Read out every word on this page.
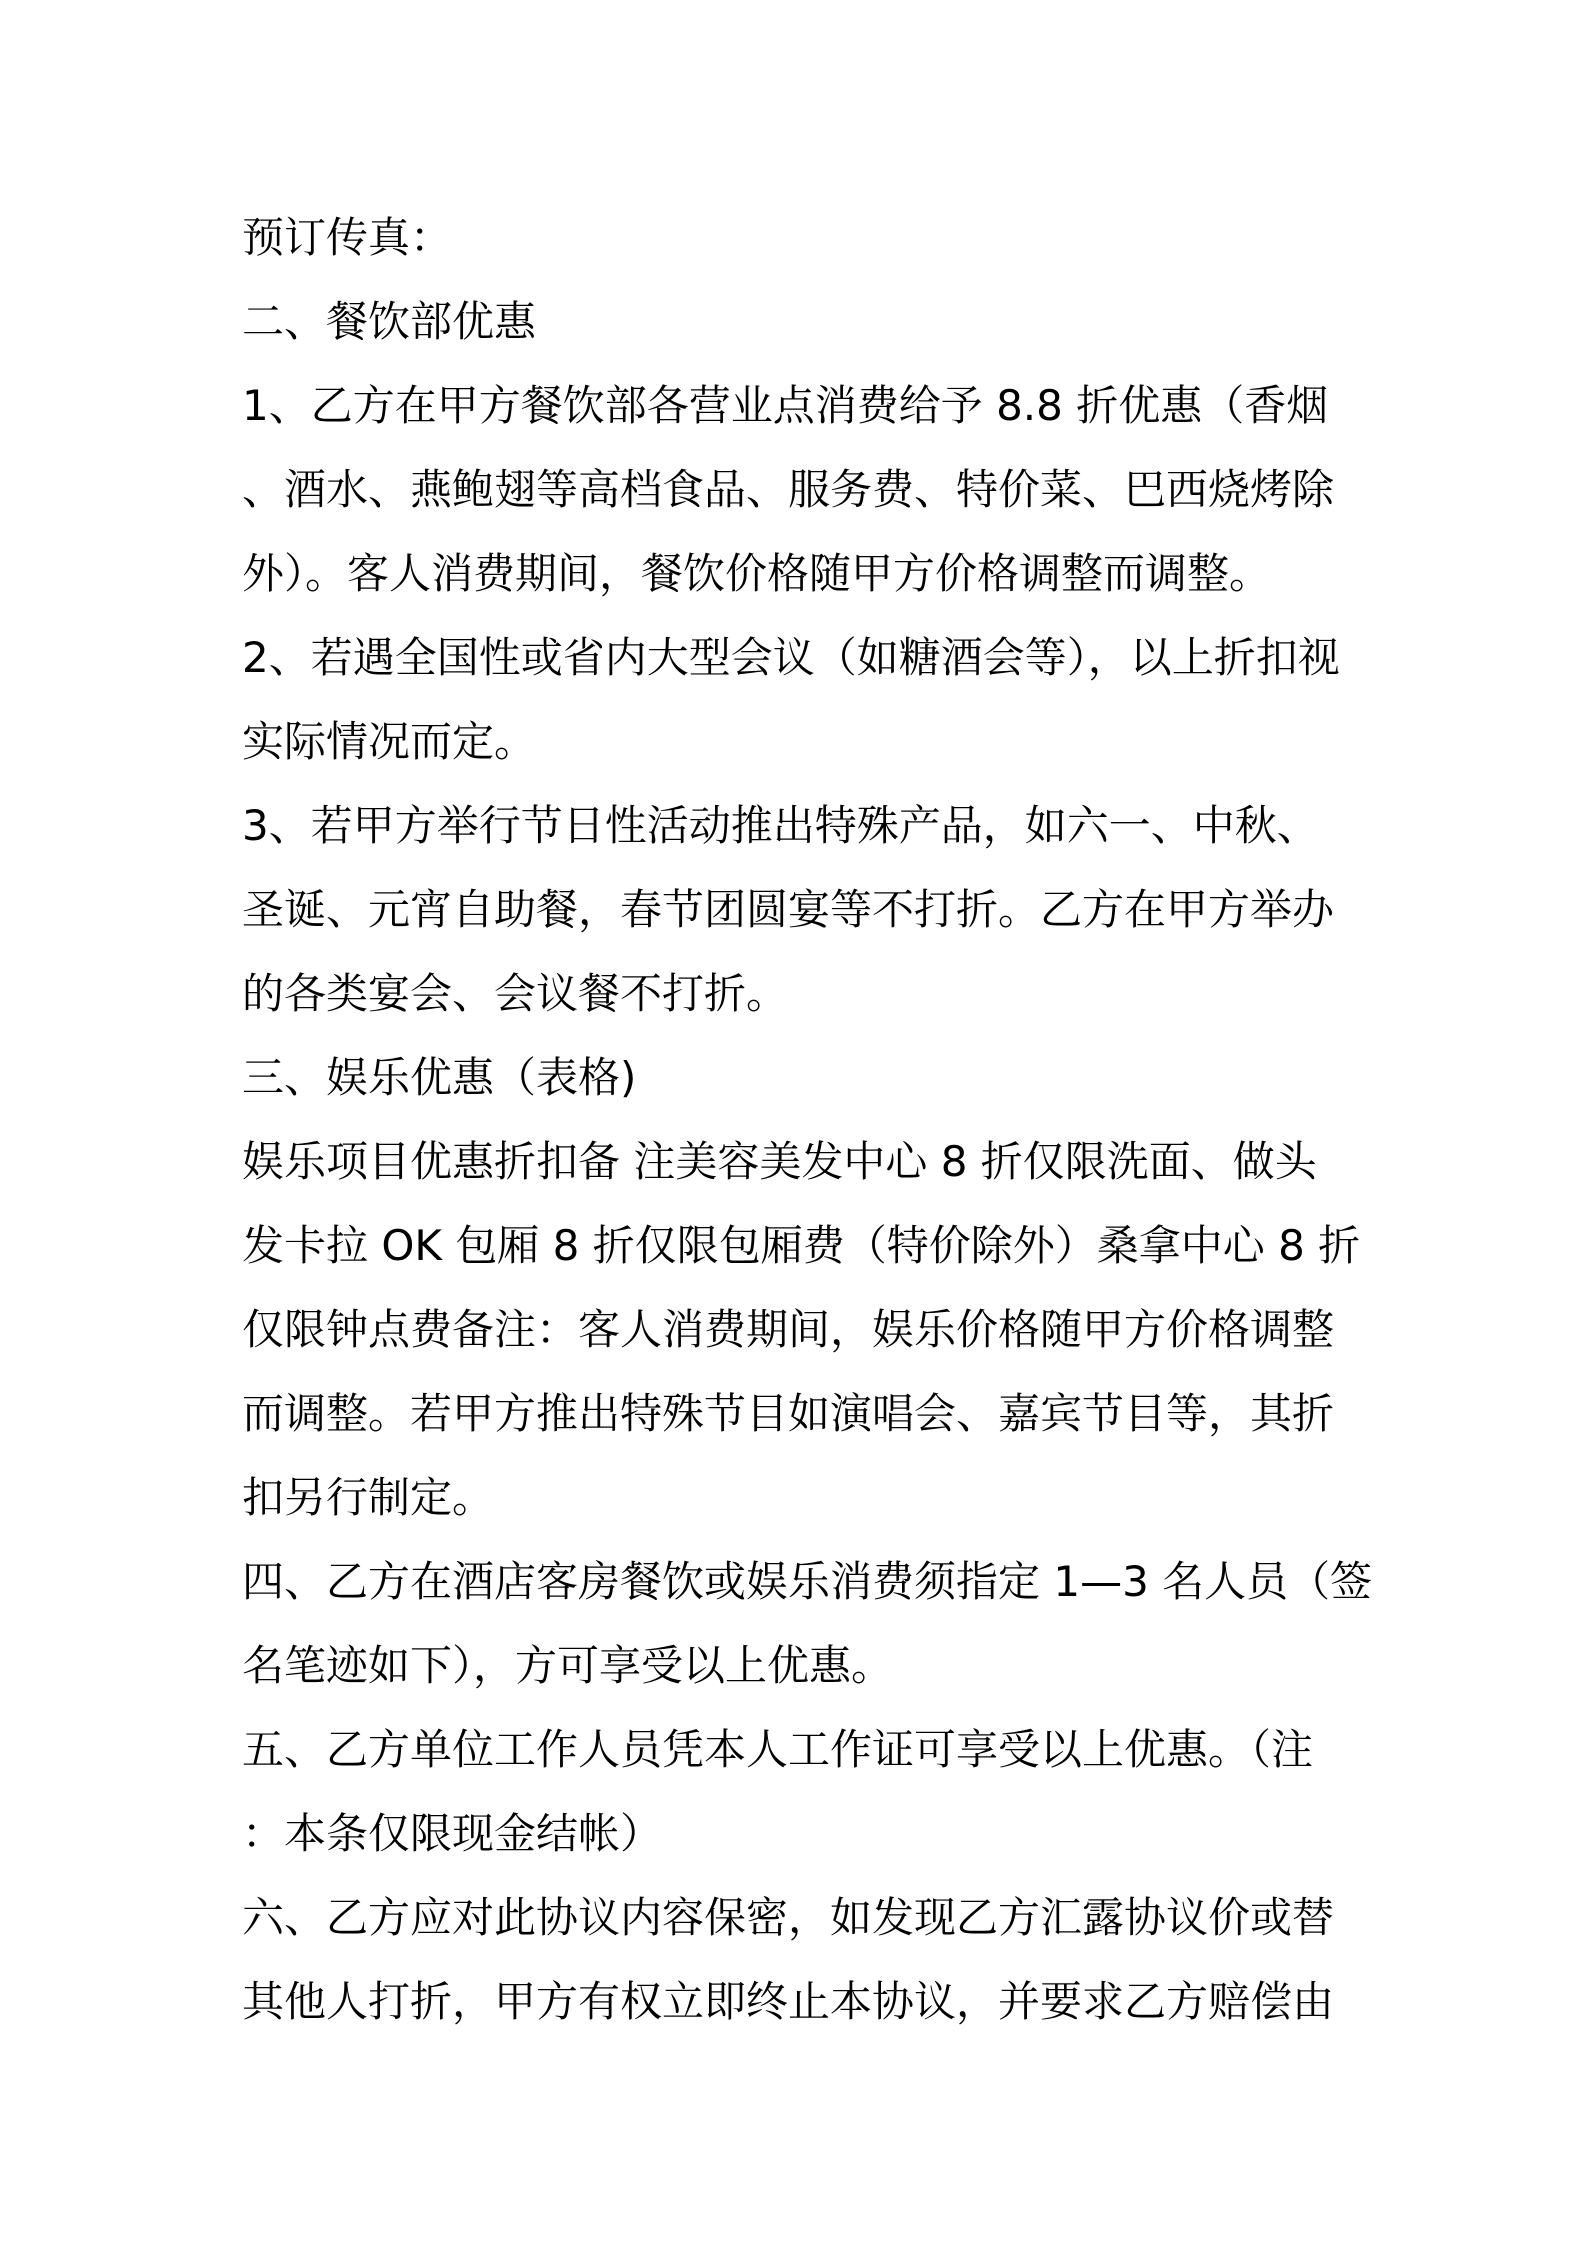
预订传真：
二、餐饮部优惠
1、乙方在甲方餐饮部各营业点消费给予 8.8 折优惠（香烟
、酒水、燕鲍翅等高档食品、服务费、特价菜、巴西烧烤除
外）。客人消费期间，餐饮价格随甲方价格调整而调整。
2、若遇全国性或省内大型会议（如糖酒会等），以上折扣视
实际情况而定。
3、若甲方举行节日性活动推出特殊产品，如六一、中秋、
圣诞、元宵自助餐，春节团圆宴等不打折。乙方在甲方举办
的各类宴会、会议餐不打折。
三、娱乐优惠（表格)
娱乐项目优惠折扣备 注美容美发中心 8 折仅限洗面、做头
发卡拉 OK 包厢 8 折仅限包厢费（特价除外）桑拿中心 8 折
仅限钟点费备注：客人消费期间，娱乐价格随甲方价格调整
而调整。若甲方推出特殊节目如演唱会、嘉宾节目等，其折
扣另行制定。
四、乙方在酒店客房餐饮或娱乐消费须指定 1—3 名人员（签
名笔迹如下），方可享受以上优惠。
五、乙方单位工作人员凭本人工作证可享受以上优惠。（注
：本条仅限现金结帐）
六、乙方应对此协议内容保密，如发现乙方汇露协议价或替
其他人打折，甲方有权立即终止本协议，并要求乙方赔偿由
